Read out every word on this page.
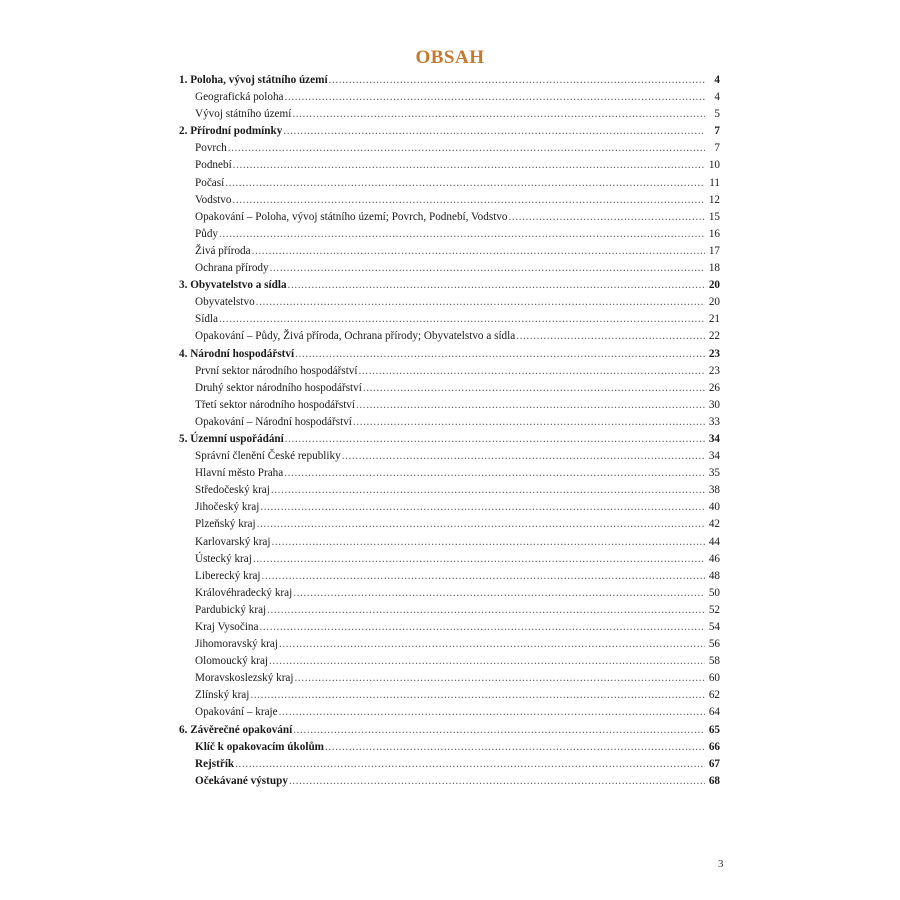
OBSAH
1. Poloha, vývoj státního území .....	4
Geografická poloha .....	4
Vývoj státního území .....	5
2. Přírodní podmínky .....	7
Povrch .....	7
Podnebí .....	10
Počasí .....	11
Vodstvo .....	12
Opakování – Poloha, vývoj státního území; Povrch, Podnebí, Vodstvo .....	15
Půdy .....	16
Živá příroda .....	17
Ochrana přírody .....	18
3. Obyvatelstvo a sídla .....	20
Obyvatelstvo .....	20
Sídla .....	21
Opakování – Půdy, Živá příroda, Ochrana přírody; Obyvatelstvo a sídla .....	22
4. Národní hospodářství .....	23
První sektor národního hospodářství .....	23
Druhý sektor národního hospodářství .....	26
Třetí sektor národního hospodářství .....	30
Opakování – Národní hospodářství .....	33
5. Územní uspořádání .....	34
Správní členění České republiky .....	34
Hlavní město Praha .....	35
Středočeský kraj .....	38
Jihočeský kraj .....	40
Plzeňský kraj .....	42
Karlovarský kraj .....	44
Ústecký kraj .....	46
Liberecký kraj .....	48
Královéhradecký kraj .....	50
Pardubický kraj .....	52
Kraj Vysočina .....	54
Jihomoravský kraj .....	56
Olomoucký kraj .....	58
Moravskoslezský kraj .....	60
Zlínský kraj .....	62
Opakování – kraje .....	64
6. Závěrečné opakování .....	65
Klíč k opakovacím úkolům .....	66
Rejstřík .....	67
Očekávané výstupy .....	68
3
